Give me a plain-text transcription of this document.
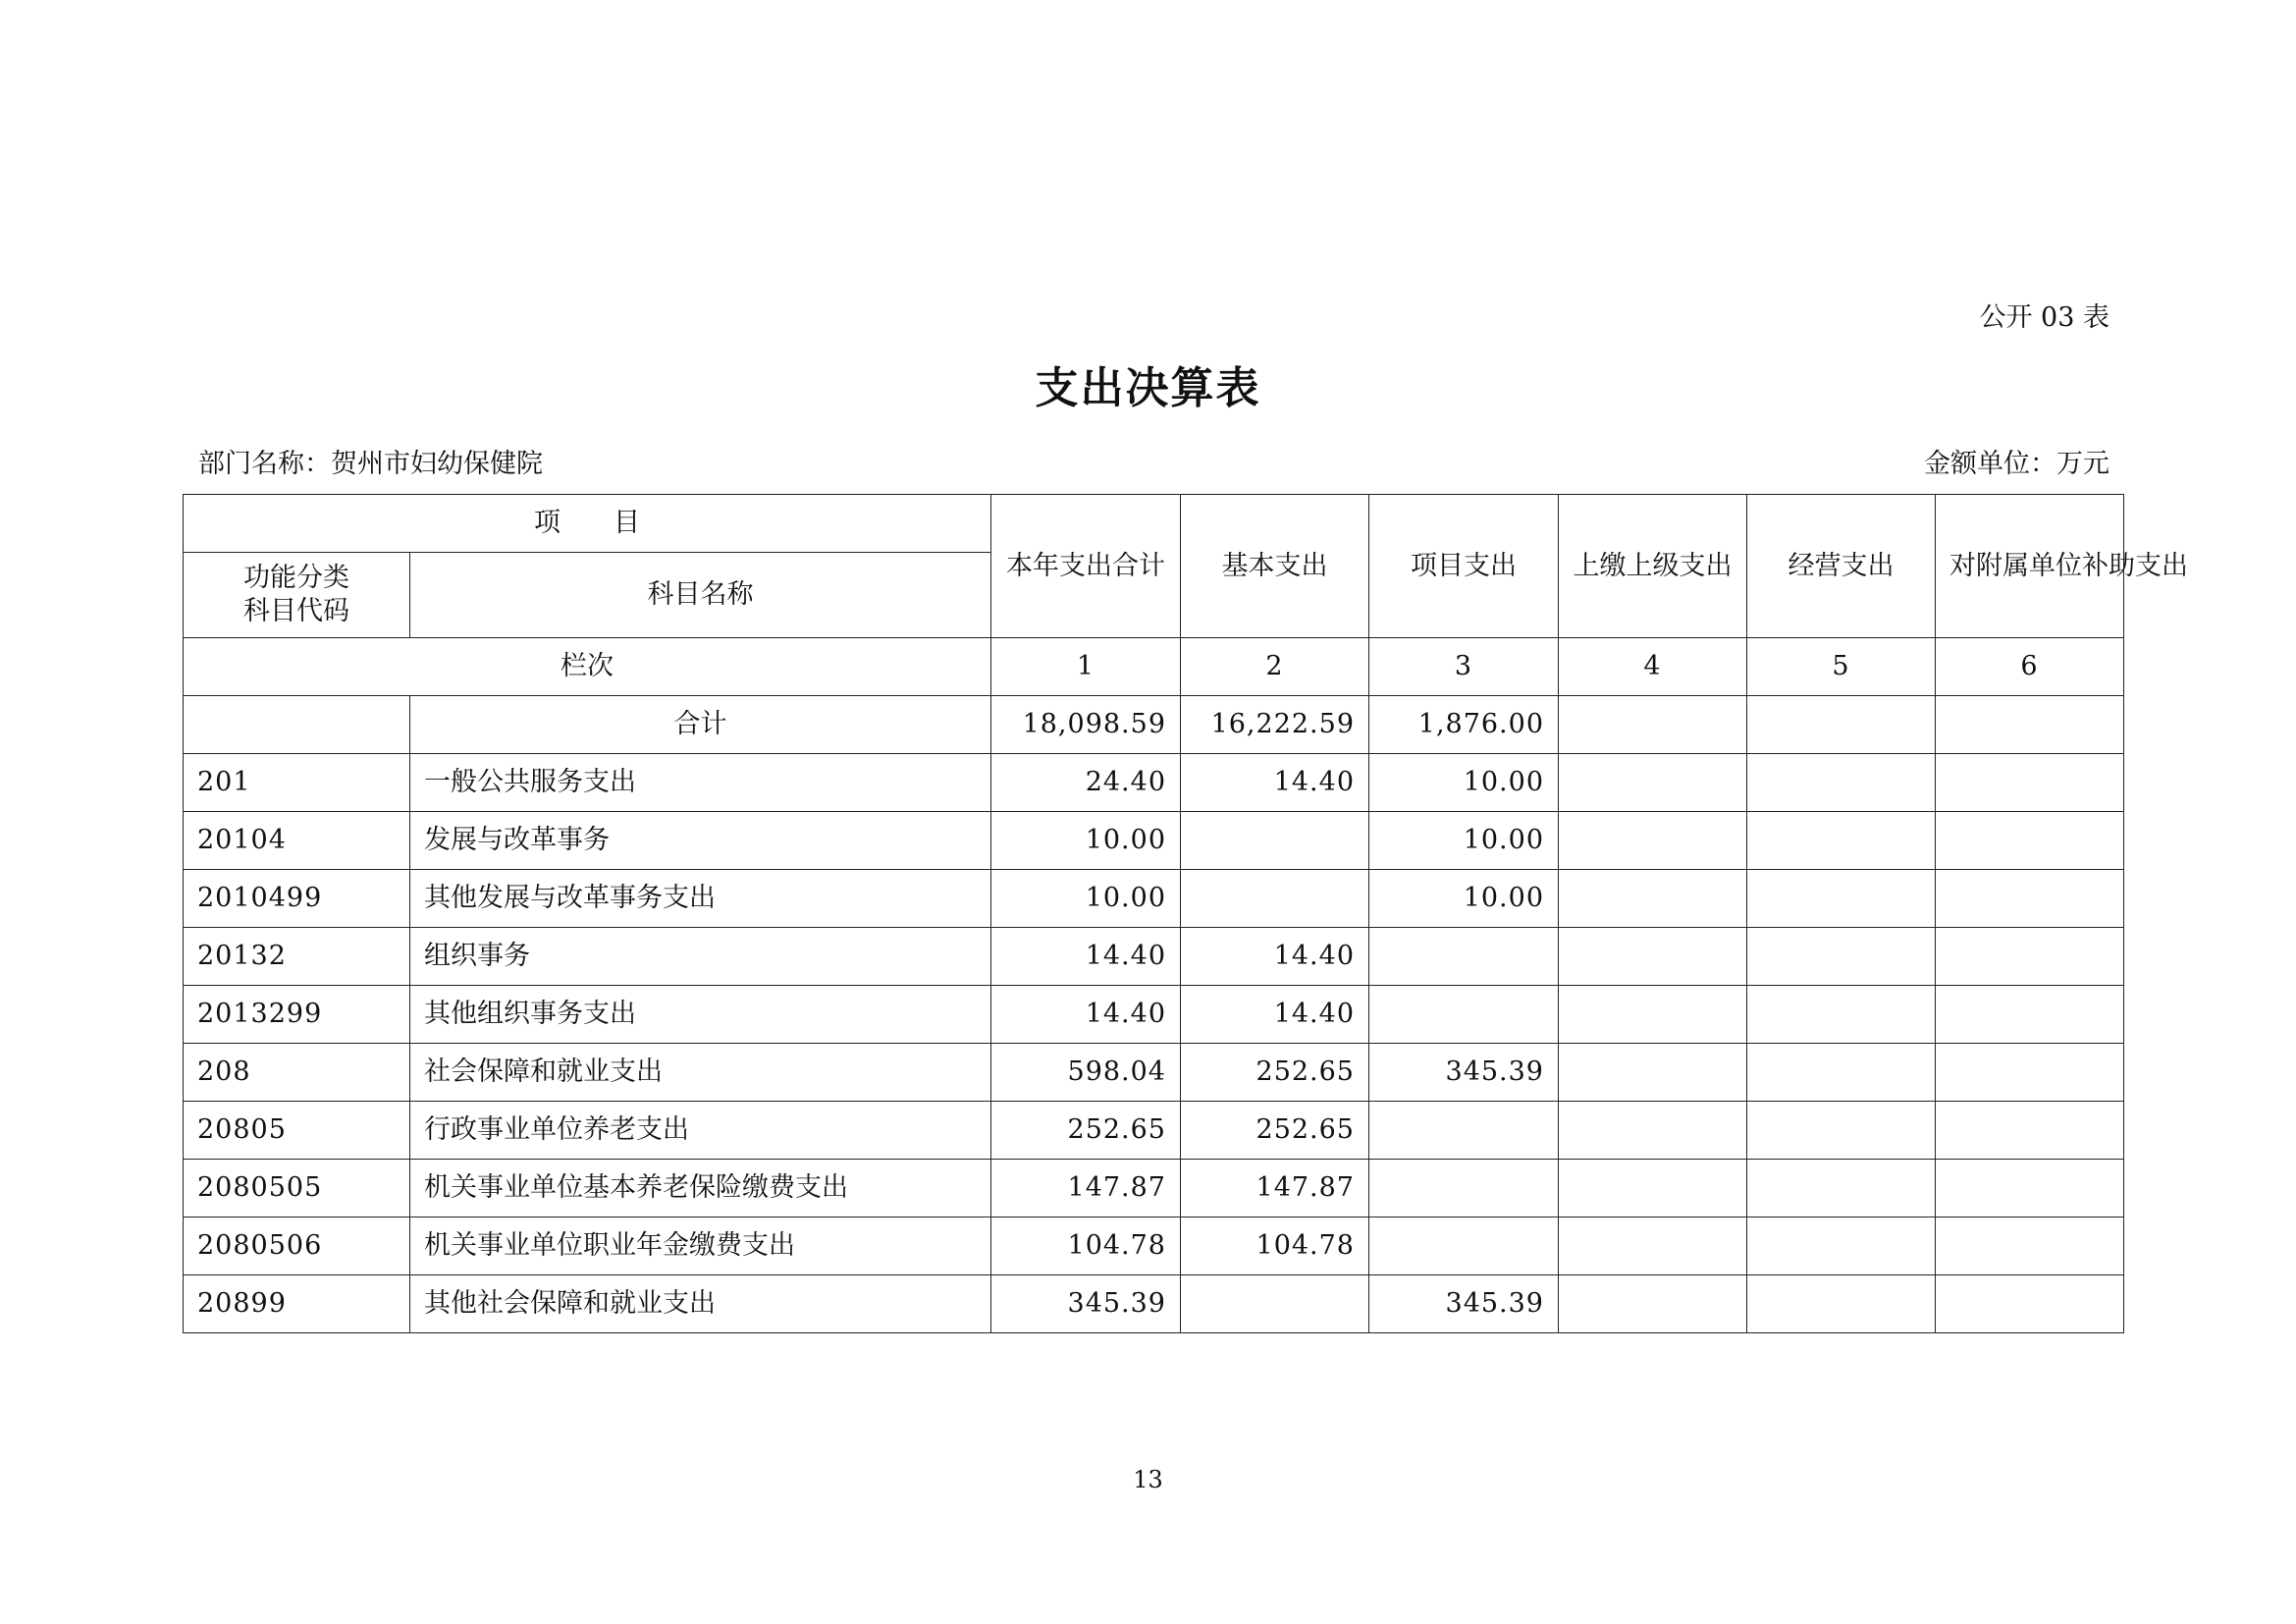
公开 03 表
支出决算表
部门名称：贺州市妇幼保健院	金额单位：万元
项　　目		本年支出合计	基本支出	项目支出	上缴上级支出	经营支出	对附属单位补助支出
功能分类
科目代码	科目名称						
栏次		1	2	3	4	5	6
	合计	18,098.59	16,222.59	1,876.00			
201	一般公共服务支出	24.40	14.40	10.00			
20104	发展与改革事务	10.00		10.00			
2010499	其他发展与改革事务支出	10.00		10.00			
20132	组织事务	14.40	14.40				
2013299	其他组织事务支出	14.40	14.40				
208	社会保障和就业支出	598.04	252.65	345.39			
20805	行政事业单位养老支出	252.65	252.65				
2080505	机关事业单位基本养老保险缴费支出	147.87	147.87				
2080506	机关事业单位职业年金缴费支出	104.78	104.78				
20899	其他社会保障和就业支出	345.39		345.39			
13
